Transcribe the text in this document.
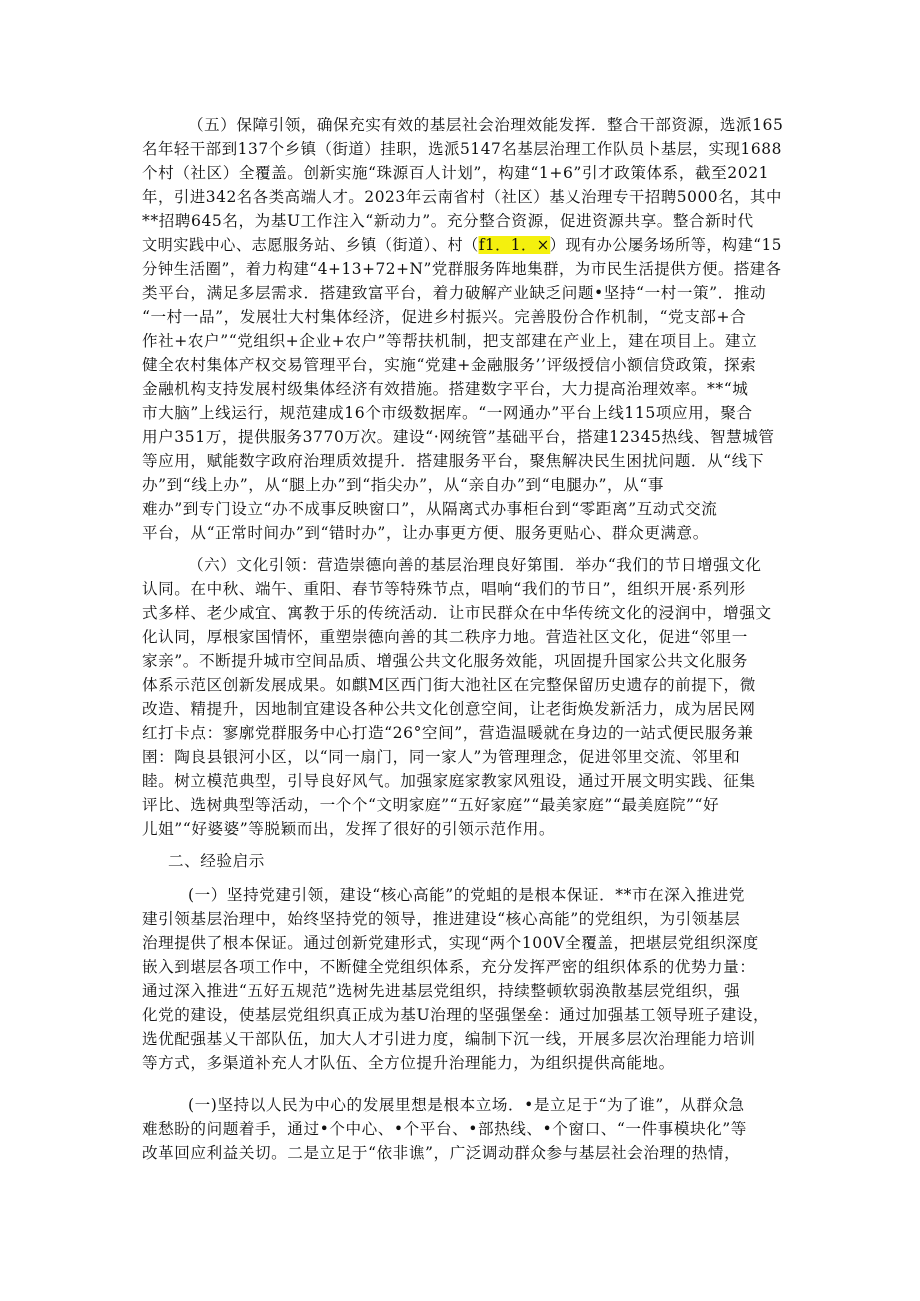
（五）保障引领，确保充实有效的基层社会治理效能发挥．整合干部资源，选派165
名年轻干部到137个乡镇（街道）挂职，选派5147名基层治理工作队员卜基层，实现1688
个村（社区）全覆盖。创新实施“珠源百人计划”，构建“1+6”引才政策体系，截至2021
年，引进342名各类高端人才。2023年云南省村（社区）基乂治理专干招聘5000名，其中
**招聘645名，为基U工作注入“新动力”。充分整合资源，促进资源共享。整合新时代
文明实践中心、志愿服务站、乡镇（街道）、村（f1．1．×）现有办公屡务场所等，构建“15
分钟生活圈”，着力构建“4+13+72+N”党群服务阵地集群，为市民生活提供方便。搭建各
类平台，满足多层需求．搭建致富平台，着力破解产业缺乏问题•坚持“一村一策”．推动
“一村一品”，发展壮大村集体经济，促进乡村振兴。完善股份合作机制，“党支部+合
作社+农户”“党组织+企业+农户”等帮扶机制，把支部建在产业上，建在项目上。建立
健全农村集体产权交易管理平台，实施“党建+金融服务’’评级授信小额信贷政策，探索
金融机构支持发展村级集体经济有效措施。搭建数字平台，大力提高治理效率。**“城
市大脑”上线运行，规范建成16个市级数据库。“一网通办”平台上线115项应用，聚合
用户351万，提供服务3770万次。建设“·网统管”基础平台，搭建12345热线、智慧城管
等应用，赋能数字政府治理质效提升．搭建服务平台，聚焦解决民生困扰问题．从“线下
办”到“线上办”，从“腿上办”到“指尖办”，从“亲自办”到“电腿办”，从“事
难办”到专门设立“办不成事反映窗口”，从隔离式办事柜台到“零距离”互动式交流
平台，从“正常时间办”到“错时办”，让办事更方便、服务更贴心、群众更满意。
（六）文化引领：营造崇德向善的基层治理良好第围．举办“我们的节日增强文化
认同。在中秋、端午、重阳、春节等特殊节点，唱响“我们的节日”，组织开展·系列形
式多样、老少咸宜、寓教于乐的传统活动．让市民群众在中华传统文化的浸润中，增强文
化认同，厚根家国情怀，重塑崇德向善的其二秩序力地。营造社区文化，促进“邻里一
家亲”。不断提升城市空间品质、增强公共文化服务效能，巩固提升国家公共文化服务
体系示范区创新发展成果。如麒M区西门街大池社区在完整保留历史遗存的前提下，微
改造、精提升，因地制宜建设各种公共文化创意空间，让老街焕发新活力，成为居民网
红打卡点：寥廓党群服务中心打造“26°空间”，营造温暖就在身边的一站式便民服务兼
圉：陶良县银河小区，以“同一扇门，同一家人”为管理理念，促进邻里交流、邻里和
睦。树立模范典型，引导良好风气。加强家庭家教家风殂设，通过开展文明实践、征集
评比、选树典型等活动，一个个“文明家庭”“五好家庭”“最美家庭”“最美庭院”“好
儿姐”“好婆婆”等脱颖而出，发挥了很好的引领示范作用。
二、经验启示
(一）坚持党建引领，建设“核心高能”的党蛆的是根本保证．**市在深入推进党
建引领基层治理中，始终坚持党的领导，推进建设“核心高能”的党组织，为引领基层
治理提供了根本保证。通过创新党建形式，实现“两个100V全覆盖，把堪层党组织深度
嵌入到堪层各项工作中，不断健全党组织体系，充分发挥严密的组织体系的优势力量：
通过深入推进“五好五规范”选树先进基层党组织，持续整顿软弱涣散基层党组织，强
化党的建设，使基层党组织真正成为基U治理的坚强堡垒：通过加强基工领导班子建设，
选优配强基乂干部队伍，加大人才引进力度，编制下沉一线，开展多层次治理能力培训
等方式，多渠道补充人才队伍、全方位提升治理能力，为组织提供高能地。
(一)坚持以人民为中心的发展里想是根本立场．•是立足于“为了谁”，从群众急
难愁盼的问题着手，通过•个中心、•个平台、•部热线、•个窗口、“一件事模块化”等
改革回应利益关切。二是立足于“依非谯”，广泛调动群众参与基层社会治理的热情，
